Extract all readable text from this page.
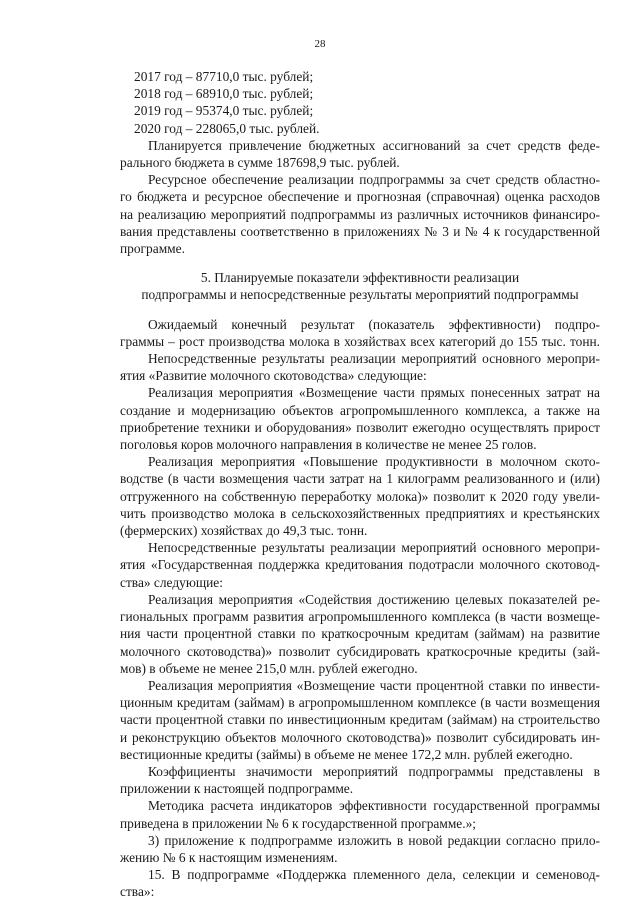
28
2017 год – 87710,0 тыс. рублей;
2018 год – 68910,0 тыс. рублей;
2019 год – 95374,0 тыс. рублей;
2020 год – 228065,0 тыс. рублей.
Планируется привлечение бюджетных ассигнований за счет средств феде-
рального бюджета в сумме 187698,9 тыс. рублей.
Ресурсное обеспечение реализации подпрограммы за счет средств областно-
го бюджета и ресурсное обеспечение и прогнозная (справочная) оценка расходов
на реализацию мероприятий подпрограммы из различных источников финансиро-
вания представлены соответственно в приложениях № 3 и № 4 к государственной
программе.
5. Планируемые показатели эффективности реализации
подпрограммы и непосредственные результаты мероприятий подпрограммы
Ожидаемый конечный результат (показатель эффективности) подпро-
граммы – рост производства молока в хозяйствах всех категорий до 155 тыс. тонн.
Непосредственные результаты реализации мероприятий основного меропри-
ятия «Развитие молочного скотоводства» следующие:
Реализация мероприятия «Возмещение части прямых понесенных затрат на
создание и модернизацию объектов агропромышленного комплекса, а также на
приобретение техники и оборудования» позволит ежегодно осуществлять прирост
поголовья коров молочного направления в количестве не менее 25 голов.
Реализация мероприятия «Повышение продуктивности в молочном ското-
водстве (в части возмещения части затрат на 1 килограмм реализованного и (или)
отгруженного на собственную переработку молока)» позволит к 2020 году увели-
чить производство молока в сельскохозяйственных предприятиях и крестьянских
(фермерских) хозяйствах до 49,3 тыс. тонн.
Непосредственные результаты реализации мероприятий основного меропри-
ятия «Государственная поддержка кредитования подотрасли молочного скотовод-
ства» следующие:
Реализация мероприятия «Содействия достижению целевых показателей ре-
гиональных программ развития агропромышленного комплекса (в части возмеще-
ния части процентной ставки по краткосрочным кредитам (займам) на развитие
молочного скотоводства)» позволит субсидировать краткосрочные кредиты (зай-
мов) в объеме не менее 215,0 млн. рублей ежегодно.
Реализация мероприятия «Возмещение части процентной ставки по инвести-
ционным кредитам (займам) в агропромышленном комплексе (в части возмещения
части процентной ставки по инвестиционным кредитам (займам) на строительство
и реконструкцию объектов молочного скотоводства)» позволит субсидировать ин-
вестиционные кредиты (займы) в объеме не менее 172,2 млн. рублей ежегодно.
Коэффициенты значимости мероприятий подпрограммы представлены в
приложении к настоящей подпрограмме.
Методика расчета индикаторов эффективности государственной программы
приведена в приложении № 6 к государственной программе.»;
3) приложение к подпрограмме изложить в новой редакции согласно прило-
жению № 6 к настоящим изменениям.
15. В подпрограмме «Поддержка племенного дела, селекции и семеновод-
ства»:
